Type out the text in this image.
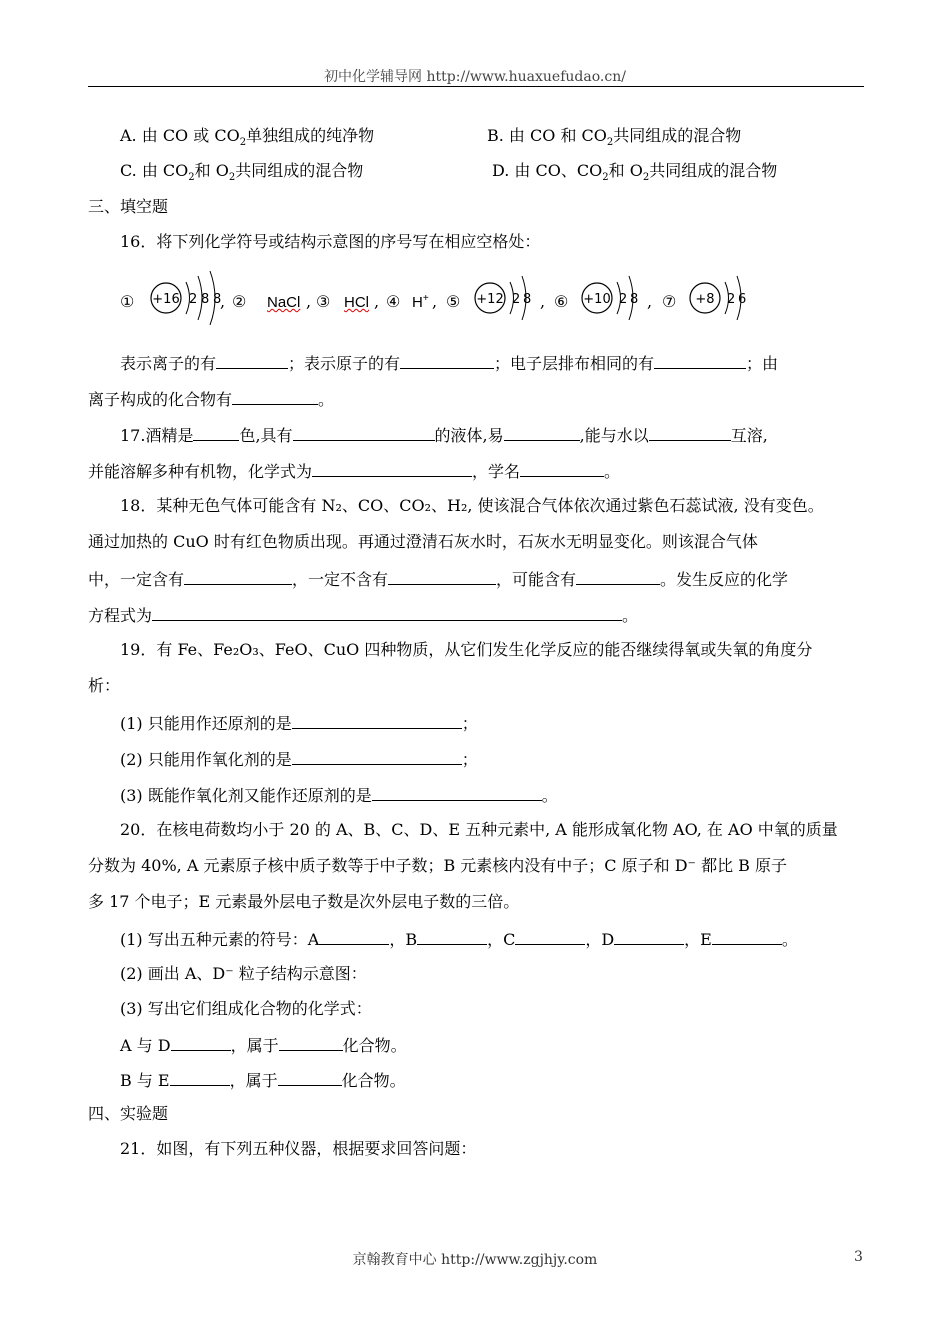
初中化学辅导网 http://www.huaxuefudao.cn/
A. 由 CO 或 $CO_2$单独组成的纯净物	B. 由 CO 和 $CO_2$共同组成的混合物
C. 由 $CO_2$和 $O_2$共同组成的混合物	D. 由 CO、$CO_2$和 $O_2$共同组成的混合物
三、填空题
16．将下列化学符号或结构示意图的序号写在相应空格处：
① +16 2 8 8
, ② NaCl , ③ HCl , ④ H+ , ⑤ +12 2 8 , ⑥ +10 2 8 , ⑦ +8 2 6
表示离子的有	；表示原子的有	；电子层排布相同的有	；由
离子构成的化合物有	。
17.酒精是	色,具有	的液体,易	,能与水以	互溶,
并能溶解多种有机物，化学式为	，学名	。
18．某种无色气体可能含有 N₂、CO、CO₂、H₂, 使该混合气体依次通过紫色石蕊试液, 没有变色。
通过加热的 CuO 时有红色物质出现。再通过澄清石灰水时，石灰水无明显变化。则该混合气体
中，一定含有	，一定不含有	，可能含有	。发生反应的化学
方程式为	。
19．有 Fe、Fe₂O₃、FeO、CuO 四种物质，从它们发生化学反应的能否继续得氧或失氧的角度分
析：
(1) 只能用作还原剂的是	；
(2) 只能用作氧化剂的是	；
(3) 既能作氧化剂又能作还原剂的是	。
20．在核电荷数均小于 20 的 A、B、C、D、E 五种元素中, A 能形成氧化物 AO, 在 AO 中氧的质量
分数为 40%, A 元素原子核中质子数等于中子数；B 元素核内没有中子；C 原子和 D⁻ 都比 B 原子
多 17 个电子；E 元素最外层电子数是次外层电子数的三倍。
(1) 写出五种元素的符号：A	，B	，C	，D	，E	。
(2) 画出 A、D⁻ 粒子结构示意图：
(3) 写出它们组成化合物的化学式：
A 与 D	，属于	化合物。
B 与 E	，属于	化合物。
四、实验题
21．如图，有下列五种仪器，根据要求回答问题：
京翰教育中心 http://www.zgjhjy.com	3
